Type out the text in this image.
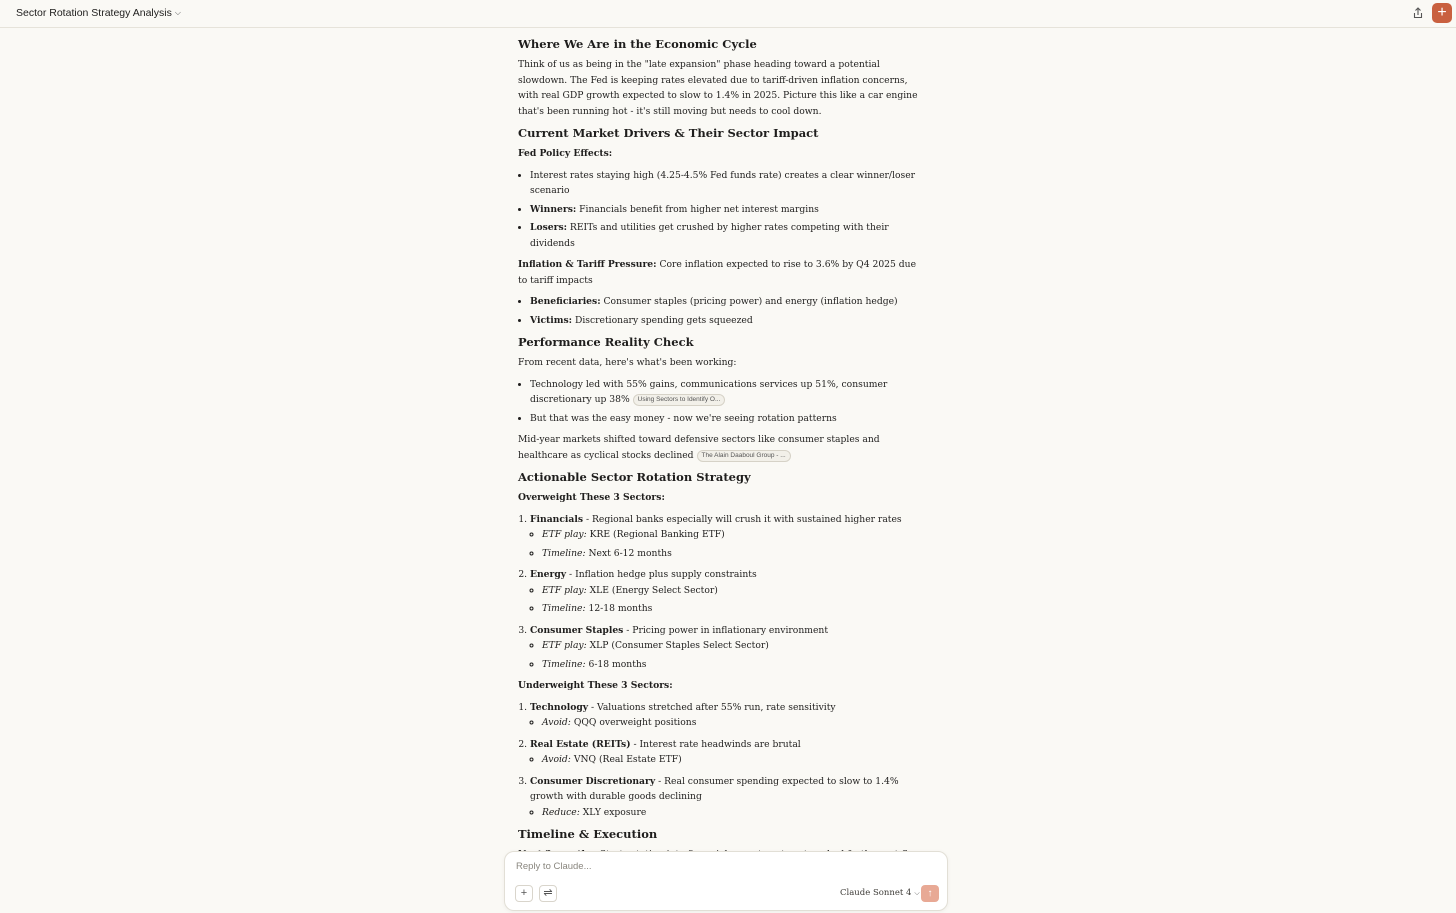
Sector Rotation Strategy Analysis ⌵	+
Where We Are in the Economic Cycle

Think of us as being in the "late expansion" phase heading toward a potential slowdown. The Fed is keeping rates elevated due to tariff-driven inflation concerns, with real GDP growth expected to slow to 1.4% in 2025. Picture this like a car engine that's been running hot - it's still moving but needs to cool down.

Current Market Drivers & Their Sector Impact

Fed Policy Effects:

• Interest rates staying high (4.25-4.5% Fed funds rate) creates a clear winner/loser scenario
• Winners: Financials benefit from higher net interest margins
• Losers: REITs and utilities get crushed by higher rates competing with their dividends

Inflation & Tariff Pressure: Core inflation expected to rise to 3.6% by Q4 2025 due to tariff impacts

• Beneficiaries: Consumer staples (pricing power) and energy (inflation hedge)
• Victims: Discretionary spending gets squeezed
Performance Reality Check

From recent data, here's what's been working:

• Technology led with 55% gains, communications services up 51%, consumer discretionary up 38% Using Sectors to Identify O...
• But that was the easy money - now we're seeing rotation patterns

Mid-year markets shifted toward defensive sectors like consumer staples and healthcare as cyclical stocks declined The Alain Daaboul Group - ...

Actionable Sector Rotation Strategy

Overweight These 3 Sectors:

1. Financials - Regional banks especially will crush it with sustained higher rates
◦ ETF play: KRE (Regional Banking ETF)
◦ Timeline: Next 6-12 months
2. Energy - Inflation hedge plus supply constraints
◦ ETF play: XLE (Energy Select Sector)
◦ Timeline: 12-18 months
3. Consumer Staples - Pricing power in inflationary environment
◦ ETF play: XLP (Consumer Staples Select Sector)
◦ Timeline: 6-18 months

Underweight These 3 Sectors:

1. Technology - Valuations stretched after 55% run, rate sensitivity
◦ Avoid: QQQ overweight positions
2. Real Estate (REITs) - Interest rate headwinds are brutal
◦ Avoid: VNQ (Real Estate ETF)
3. Consumer Discretionary - Real consumer spending expected to slow to 1.4% growth with durable goods declining
◦ Reduce: XLY exposure
Timeline & Execution

Reply to Claude...
+	⇌	Claude Sonnet 4 ⌵ ↑
